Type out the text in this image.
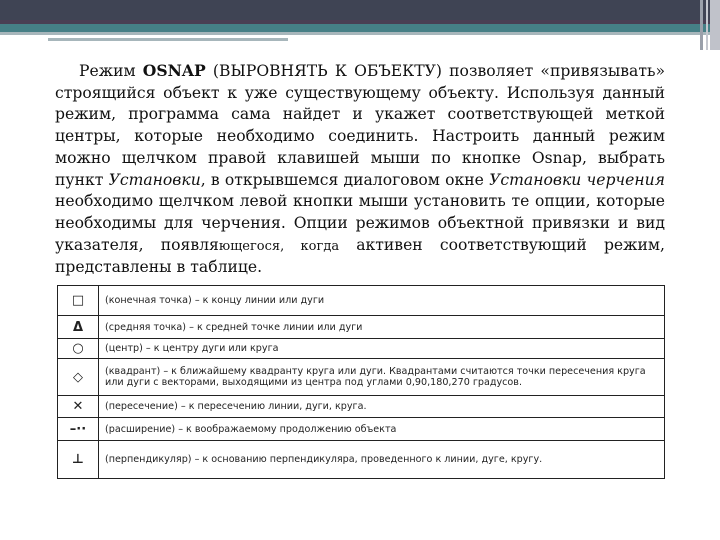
Режим OSNAP (ВЫРОВНЯТЬ К ОБЪЕКТУ) позволяет «привязывать» строящийся объект к уже существующему объекту. Используя данный режим, программа сама найдет и укажет соответствующей меткой центры, которые необходимо соединить. Настроить данный режим можно щелчком правой клавишей мыши по кнопке Osnap, выбрать пункт Установки, в открывшемся диалоговом окне Установки черчения необходимо щелчком левой кнопки мыши установить те опции, которые необходимы для черчения. Опции режимов объектной привязки и вид указателя, появляющегося, когда активен соответствующий режим, представлены в таблице.
□	(конечная точка) – к концу линии или дуги
Δ	(средняя точка) – к средней точке линии или дуги
○	(центр) – к центру дуги или круга
◇	(квадрант) – к ближайшему квадранту круга или дуги. Квадрантами считаются точки пересечения круга или дуги с векторами, выходящими из центра под углами 0,90,180,270 градусов.
✕	(пересечение) – к пересечению линии, дуги, круга.
–··	(расширение) – к воображаемому продолжению объекта
⊥	(перпендикуляр) – к основанию перпендикуляра, проведенного к линии, дуге, кругу.
